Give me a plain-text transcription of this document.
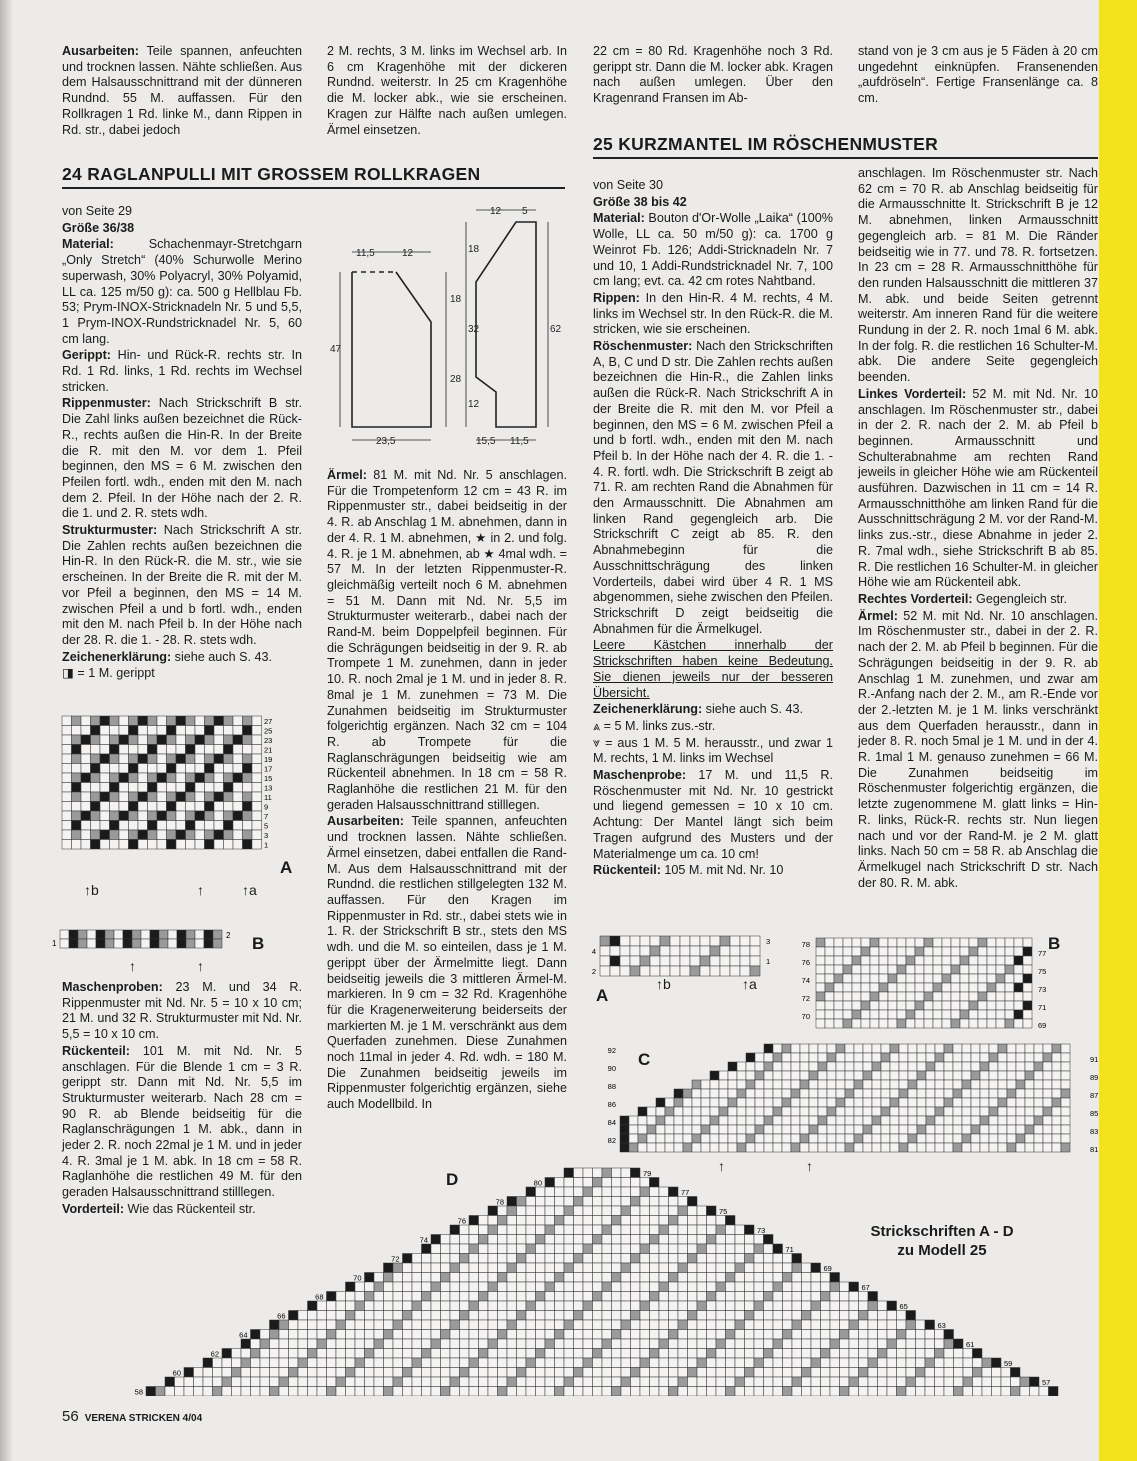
Ausarbeiten: Teile spannen, anfeuchten und trocknen lassen. Nähte schließen. Aus dem Halsausschnittrand mit der dünneren Rundnd. 55 M. auffassen. Für den Rollkragen 1 Rd. linke M., dann Rippen in Rd. str., dabei jedoch

2 M. rechts, 3 M. links im Wechsel arb. In 6 cm Kragenhöhe mit der dickeren Rundnd. weiterstr. In 25 cm Kragenhöhe die M. locker abk., wie sie erscheinen. Kragen zur Hälfte nach außen umlegen. Ärmel einsetzen.

22 cm = 80 Rd. Kragenhöhe noch 3 Rd. gerippt str. Dann die M. locker abk. Kragen nach außen umlegen. Über den Kragenrand Fransen im Ab-

stand von je 3 cm aus je 5 Fäden à 20 cm ungedehnt einknüpfen. Fransenenden „aufdröseln“. Fertige Fransenlänge ca. 8 cm.

24 RAGLANPULLI MIT GROSSEM ROLLKRAGEN
25 KURZMANTEL IM RÖSCHENMUSTER

von Seite 29

Größe 36/38

Material: Schachenmayr-Stretchgarn „Only Stretch“ (40% Schurwolle Merino superwash, 30% Polyacryl, 30% Polyamid, LL ca. 125 m/50 g): ca. 500 g Hellblau Fb. 53; Prym-INOX-Stricknadeln Nr. 5 und 5,5, 1 Prym-INOX-Rundstricknadel Nr. 5, 60 cm lang.

Gerippt: Hin- und Rück-R. rechts str. In Rd. 1 Rd. links, 1 Rd. rechts im Wechsel stricken.

Rippenmuster: Nach Strickschrift B str. Die Zahl links außen bezeichnet die Rück-R., rechts außen die Hin-R. In der Breite die R. mit den M. vor dem 1. Pfeil beginnen, den MS = 6 M. zwischen den Pfeilen fortl. wdh., enden mit den M. nach dem 2. Pfeil. In der Höhe nach der 2. R. die 1. und 2. R. stets wdh.

Strukturmuster: Nach Strickschrift A str. Die Zahlen rechts außen bezeichnen die Hin-R. In den Rück-R. die M. str., wie sie erscheinen. In der Breite die R. mit der M. vor Pfeil a beginnen, den MS = 14 M. zwischen Pfeil a und b fortl. wdh., enden mit den M. nach Pfeil b. In der Höhe nach der 28. R. die 1. - 28. R. stets wdh.

Zeichenerklärung: siehe auch S. 43.

◨ = 1 M. gerippt

27
25
23
21
19
17
15
13
11
9
7
5
3
1
A
↑b	↑	↑a
1
2 B
↑	↑

Maschenproben: 23 M. und 34 R. Rippenmuster mit Nd. Nr. 5 = 10 x 10 cm; 21 M. und 32 R. Strukturmuster mit Nd. Nr. 5,5 = 10 x 10 cm.

Rückenteil: 101 M. mit Nd. Nr. 5 anschlagen. Für die Blende 1 cm = 3 R. gerippt str. Dann mit Nd. Nr. 5,5 im Strukturmuster weiterarb. Nach 28 cm = 90 R. ab Blende beidseitig für die Raglanschrägungen 1 M. abk., dann in jeder 2. R. noch 22mal je 1 M. und in jeder 4. R. 3mal je 1 M. abk. In 18 cm = 58 R. Raglanhöhe die restlichen 49 M. für den geraden Halsausschnittrand stilllegen.

Vorderteil: Wie das Rückenteil str.

11,5	12
23,5
47
28
18
12 5
18
32
12
62
15,5 11,5

Ärmel: 81 M. mit Nd. Nr. 5 anschlagen. Für die Trompetenform 12 cm = 43 R. im Rippenmuster str., dabei beidseitig in der 4. R. ab Anschlag 1 M. abnehmen, dann in der 4. R. 1 M. abnehmen, ★ in 2. und folg. 4. R. je 1 M. abnehmen, ab ★ 4mal wdh. = 57 M. In der letzten Rippenmuster-R. gleichmäßig verteilt noch 6 M. abnehmen = 51 M. Dann mit Nd. Nr. 5,5 im Strukturmuster weiterarb., dabei nach der Rand-M. beim Doppelpfeil beginnen. Für die Schrägungen beidseitig in der 9. R. ab Trompete 1 M. zunehmen, dann in jeder 10. R. noch 2mal je 1 M. und in jeder 8. R. 8mal je 1 M. zunehmen = 73 M. Die Zunahmen beidseitig im Strukturmuster folgerichtig ergänzen. Nach 32 cm = 104 R. ab Trompete für die Raglanschrägungen beidseitig wie am Rückenteil abnehmen. In 18 cm = 58 R. Raglanhöhe die restlichen 21 M. für den geraden Halsausschnittrand stilllegen.

Ausarbeiten: Teile spannen, anfeuchten und trocknen lassen. Nähte schließen. Ärmel einsetzen, dabei entfallen die Rand-M. Aus dem Halsausschnittrand mit der Rundnd. die restlichen stillgelegten 132 M. auffassen. Für den Kragen im Rippenmuster in Rd. str., dabei stets wie in 1. R. der Strickschrift B str., stets den MS wdh. und die M. so einteilen, dass je 1 M. gerippt über der Ärmelmitte liegt. Dann beidseitig jeweils die 3 mittleren Ärmel-M. markieren. In 9 cm = 32 Rd. Kragenhöhe für die Kragenerweiterung beiderseits der markierten M. je 1 M. verschränkt aus dem Querfaden zunehmen. Diese Zunahmen noch 11mal in jeder 4. Rd. wdh. = 180 M. Die Zunahmen beidseitig jeweils im Rippenmuster folgerichtig ergänzen, siehe auch Modellbild. In

von Seite 30

Größe 38 bis 42

Material: Bouton d'Or-Wolle „Laika“ (100% Wolle, LL ca. 50 m/50 g): ca. 1700 g Weinrot Fb. 126; Addi-Stricknadeln Nr. 7 und 10, 1 Addi-Rundstricknadel Nr. 7, 100 cm lang; evt. ca. 42 cm rotes Nahtband.

Rippen: In den Hin-R. 4 M. rechts, 4 M. links im Wechsel str. In den Rück-R. die M. stricken, wie sie erscheinen.

Röschenmuster: Nach den Strickschriften A, B, C und D str. Die Zahlen rechts außen bezeichnen die Hin-R., die Zahlen links außen die Rück-R. Nach Strickschrift A in der Breite die R. mit den M. vor Pfeil a beginnen, den MS = 6 M. zwischen Pfeil a und b fortl. wdh., enden mit den M. nach Pfeil b. In der Höhe nach der 4. R. die 1. - 4. R. fortl. wdh. Die Strickschrift B zeigt ab 71. R. am rechten Rand die Abnahmen für den Armausschnitt. Die Abnahmen am linken Rand gegengleich arb. Die Strickschrift C zeigt ab 85. R. den Abnahmebeginn für die Ausschnittschrägung des linken Vorderteils, dabei wird über 4 R. 1 MS abgenommen, siehe zwischen den Pfeilen. Strickschrift D zeigt beidseitig die Abnahmen für die Ärmelkugel.

Leere Kästchen innerhalb der Strickschriften haben keine Bedeutung. Sie dienen jeweils nur der besseren Übersicht.

Zeichenerklärung: siehe auch S. 43.

⩓ = 5 M. links zus.-str.

⩔ = aus 1 M. 5 M. herausstr., und zwar 1 M. rechts, 1 M. links im Wechsel

Maschenprobe: 17 M. und 11,5 R. Röschenmuster mit Nd. Nr. 10 gestrickt und liegend gemessen = 10 x 10 cm. Achtung: Der Mantel längt sich beim Tragen aufgrund des Musters und der Materialmenge um ca. 10 cm!

Rückenteil: 105 M. mit Nd. Nr. 10

anschlagen. Im Röschenmuster str. Nach 62 cm = 70 R. ab Anschlag beidseitig für die Armausschnitte lt. Strickschrift B je 12 M. abnehmen, linken Armausschnitt gegengleich arb. = 81 M. Die Ränder beidseitig wie in 77. und 78. R. fortsetzen. In 23 cm = 28 R. Armausschnitthöhe für den runden Halsausschnitt die mittleren 37 M. abk. und beide Seiten getrennt weiterstr. Am inneren Rand für die weitere Rundung in der 2. R. noch 1mal 6 M. abk. In der folg. R. die restlichen 16 Schulter-M. abk. Die andere Seite gegengleich beenden.

Linkes Vorderteil: 52 M. mit Nd. Nr. 10 anschlagen. Im Röschenmuster str., dabei in der 2. R. nach der 2. M. ab Pfeil b beginnen. Armausschnitt und Schulterabnahme am rechten Rand jeweils in gleicher Höhe wie am Rückenteil ausführen. Dazwischen in 11 cm = 14 R. Armausschnitthöhe am linken Rand für die Ausschnittschrägung 2 M. vor der Rand-M. links zus.-str., diese Abnahme in jeder 2. R. 7mal wdh., siehe Strickschrift B ab 85. R. Die restlichen 16 Schulter-M. in gleicher Höhe wie am Rückenteil abk.

Rechtes Vorderteil: Gegengleich str.

Ärmel: 52 M. mit Nd. Nr. 10 anschlagen. Im Röschenmuster str., dabei in der 2. R. nach der 2. M. ab Pfeil b beginnen. Für die Schrägungen beidseitig in der 9. R. ab Anschlag 1 M. zunehmen, und zwar am R.-Anfang nach der 2. M., am R.-Ende vor der 2.-letzten M. je 1 M. links verschränkt aus dem Querfaden herausstr., dann in jeder 8. R. noch 5mal je 1 M. und in der 4. R. 1mal 1 M. genauso zunehmen = 66 M. Die Zunahmen beidseitig im Röschenmuster folgerichtig ergänzen, die letzte zugenommene M. glatt links = Hin-R. links, Rück-R. rechts str. Nun liegen nach und vor der Rand-M. je 2 M. glatt links. Nach 50 cm = 58 R. ab Anschlag die Ärmelkugel nach Strickschrift D str. Nach der 80. R. M. abk.

4
2
3
1
A
↑b	↑a
78
76
74
72
70
77
75
73
71
69
B
92
90
88
86
84
82
91
89
87
85
83
81
C
↑	↑
80
78
76
74
72
70
68
66
64
62
60
58
79
77
75
73
71
69
67
65
63
61
59
57
D
Strickschriften A - D
zu Modell 25
56 VERENA STRICKEN 4/04
